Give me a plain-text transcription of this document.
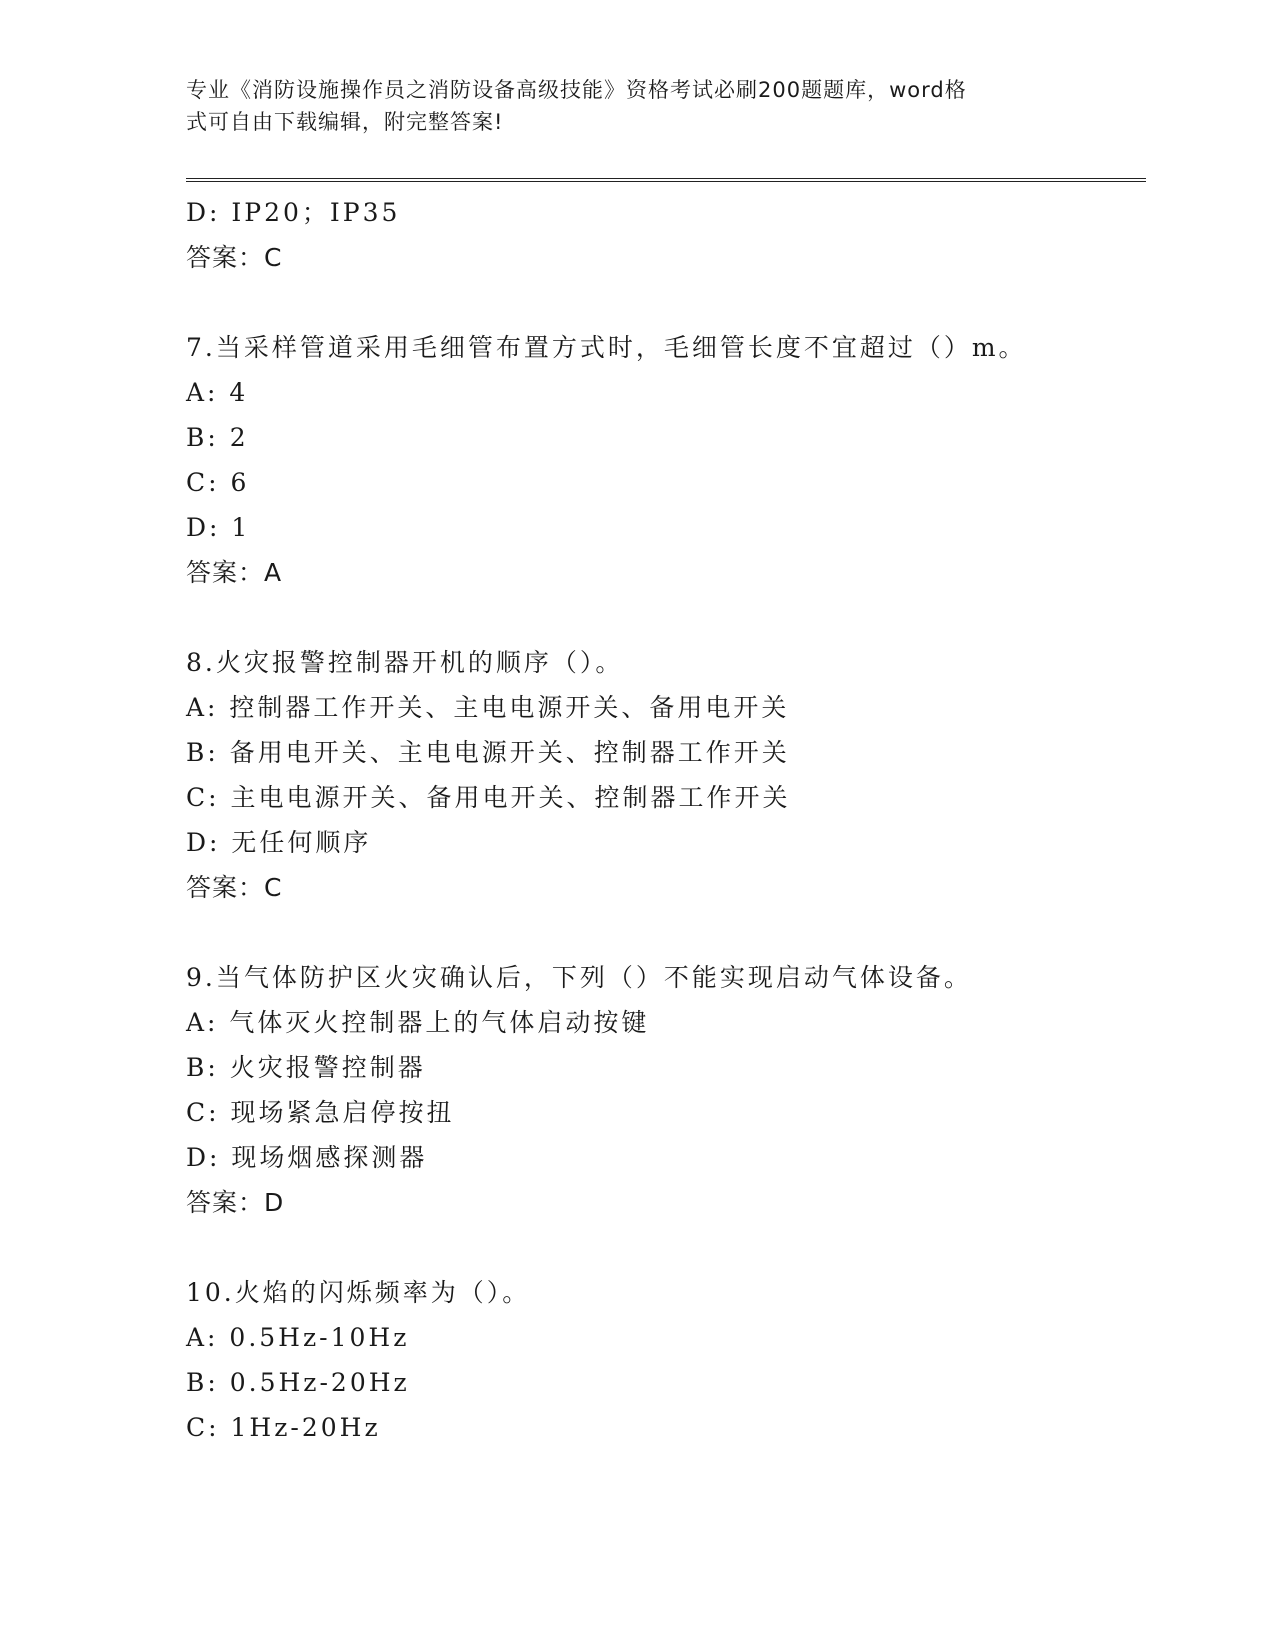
专业《消防设施操作员之消防设备高级技能》资格考试必刷200题题库，word格
式可自由下载编辑，附完整答案!
D: IP20；IP35
答案：C
7.当采样管道采用毛细管布置方式时，毛细管长度不宜超过（）m。
A: 4
B: 2
C: 6
D: 1
答案：A
8.火灾报警控制器开机的顺序（）。
A: 控制器工作开关、主电电源开关、备用电开关
B: 备用电开关、主电电源开关、控制器工作开关
C: 主电电源开关、备用电开关、控制器工作开关
D: 无任何顺序
答案：C
9.当气体防护区火灾确认后，下列（）不能实现启动气体设备。
A: 气体灭火控制器上的气体启动按键
B: 火灾报警控制器
C: 现场紧急启停按扭
D: 现场烟感探测器
答案：D
10.火焰的闪烁频率为（）。
A: 0.5Hz-10Hz
B: 0.5Hz-20Hz
C: 1Hz-20Hz
